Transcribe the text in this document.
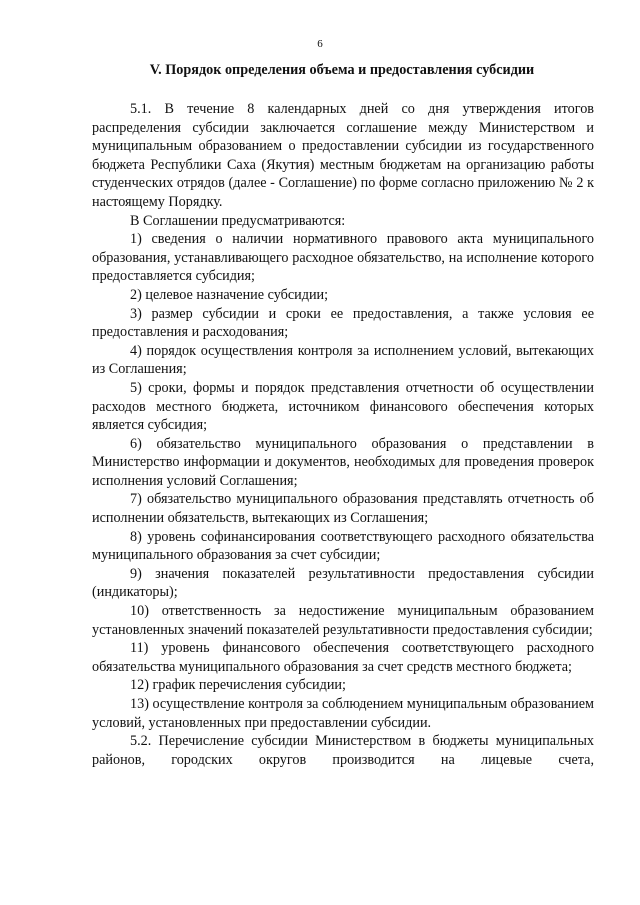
6
V. Порядок определения объема и предоставления субсидии

5.1. В течение 8 календарных дней со дня утверждения итогов распределения субсидии заключается соглашение между Министерством и муниципальным образованием о предоставлении субсидии из государственного бюджета Республики Саха (Якутия) местным бюджетам на организацию работы студенческих отрядов (далее - Соглашение) по форме согласно приложению № 2 к настоящему Порядку.

В Соглашении предусматриваются:

1) сведения о наличии нормативного правового акта муниципального образования, устанавливающего расходное обязательство, на исполнение которого предоставляется субсидия;

2) целевое назначение субсидии;

3) размер субсидии и сроки ее предоставления, а также условия ее предоставления и расходования;

4) порядок осуществления контроля за исполнением условий, вытекающих из Соглашения;

5) сроки, формы и порядок представления отчетности об осуществлении расходов местного бюджета, источником финансового обеспечения которых является субсидия;

6) обязательство муниципального образования о представлении в Министерство информации и документов, необходимых для проведения проверок исполнения условий Соглашения;

7) обязательство муниципального образования представлять отчетность об исполнении обязательств, вытекающих из Соглашения;

8) уровень софинансирования соответствующего расходного обязательства муниципального образования за счет субсидии;

9) значения показателей результативности предоставления субсидии (индикаторы);

10) ответственность за недостижение муниципальным образованием установленных значений показателей результативности предоставления субсидии;

11) уровень финансового обеспечения соответствующего расходного обязательства муниципального образования за счет средств местного бюджета;

12) график перечисления субсидии;

13) осуществление контроля за соблюдением муниципальным образованием условий, установленных при предоставлении субсидии.

5.2. Перечисление субсидии Министерством в бюджеты муниципальных районов, городских округов производится на лицевые счета,
